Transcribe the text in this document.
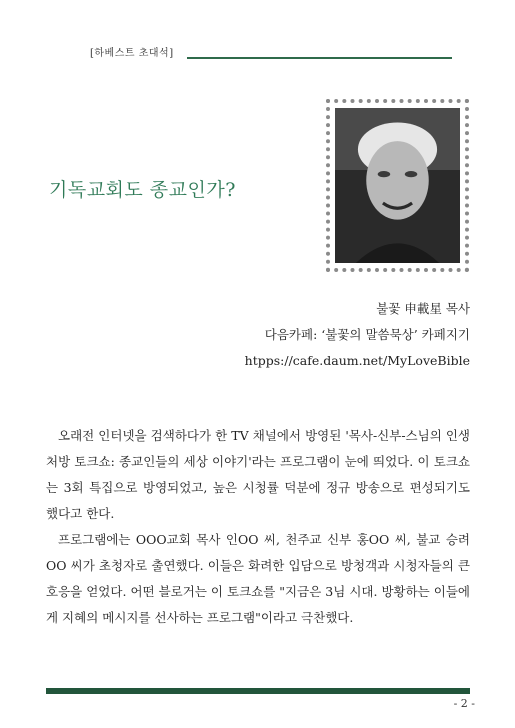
[하베스트 초대석]
기독교회도 종교인가?
불꽃 申載星 목사
다음카페: ‘불꽃의 말씀묵상’ 카페지기
htpps://cafe.daum.net/MyLoveBible

오래전 인터넷을 검색하다가 한 TV 채널에서 방영된 '목사-신부-스님의 인생 처방 토크쇼: 종교인들의 세상 이야기'라는 프로그램이 눈에 띄었다. 이 토크쇼는 3회 특집으로 방영되었고, 높은 시청률 덕분에 정규 방송으로 편성되기도 했다고 한다.

프로그램에는 OOO교회 목사 인OO 씨, 천주교 신부 홍OO 씨, 불교 승려 OO 씨가 초청자로 출연했다. 이들은 화려한 입담으로 방청객과 시청자들의 큰 호응을 얻었다. 어떤 블로거는 이 토크쇼를 "지금은 3님 시대. 방황하는 이들에게 지혜의 메시지를 선사하는 프로그램"이라고 극찬했다.

- 2 -
